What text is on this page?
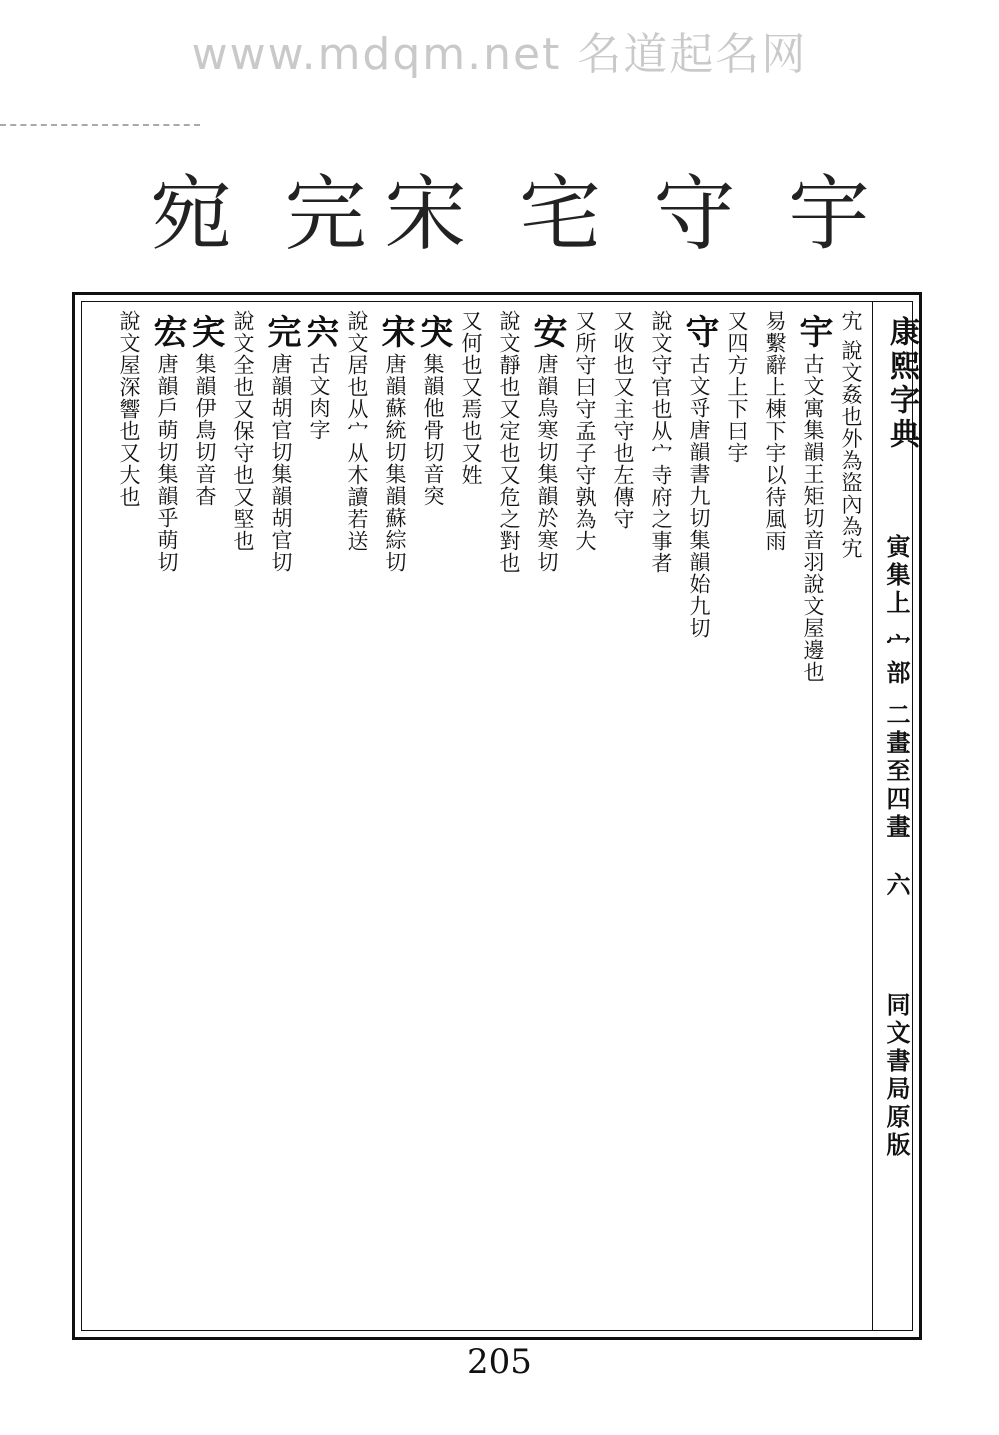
www.mdqm.net 名道起名网
宇
守
宅
宋
完
宛
康熙字典
寅集上
宀部
二畫至四畫
六
同文書局原版
宄 說文姦也外為盜內為宄
宇古文寓集韻王矩切音羽說文屋邊也
易繫辭上棟下宇以待風雨
又四方上下曰宇
守古文寽唐韻書九切集韻始九切
說文守官也从宀寺府之事者
又收也又主守也左傳守
又所守曰守孟子守孰為大
安唐韻烏寒切集韻於寒切
說文靜也又定也又危之對也
又何也又焉也又姓
宊集韻他骨切音突
宋唐韻蘇統切集韻蘇綜切
說文居也从宀从木讀若送
宍古文肉字
完唐韻胡官切集韻胡官切
說文全也又保守也又堅也
宎集韻伊鳥切音杳
宏唐韻戶萌切集韻乎萌切
說文屋深響也又大也
205
